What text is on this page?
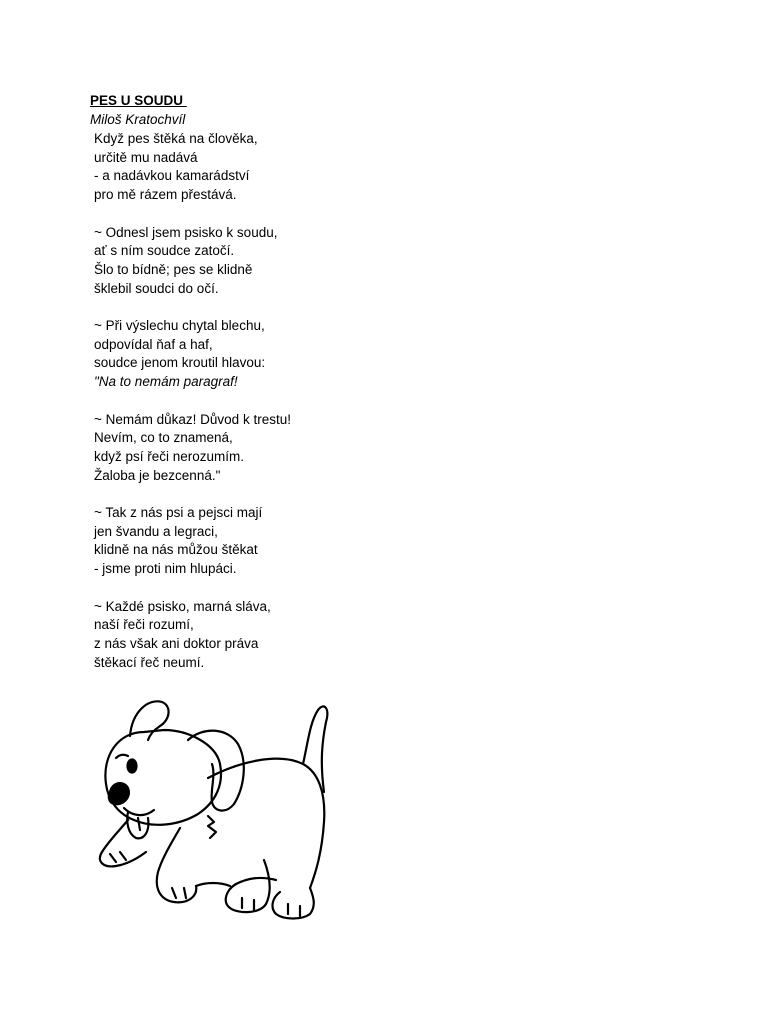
PES U SOUDU
Miloš Kratochvíl
Když pes štěká na člověka,
určitě mu nadává
- a nadávkou kamarádství
pro mě rázem přestává.
~ Odnesl jsem psisko k soudu,
ať s ním soudce zatočí.
Šlo to bídně; pes se klidně
šklebil soudci do očí.
~ Při výslechu chytal blechu,
odpovídal ňaf a haf,
soudce jenom kroutil hlavou:
"Na to nemám paragraf!
~ Nemám důkaz! Důvod k trestu!
Nevím, co to znamená,
když psí řeči nerozumím.
Žaloba je bezcenná."
~ Tak z nás psi a pejsci mají
jen švandu a legraci,
klidně na nás můžou štěkat
- jsme proti nim hlupáci.
~ Každé psisko, marná sláva,
naší řeči rozumí,
z nás však ani doktor práva
štěkací řeč neumí.
